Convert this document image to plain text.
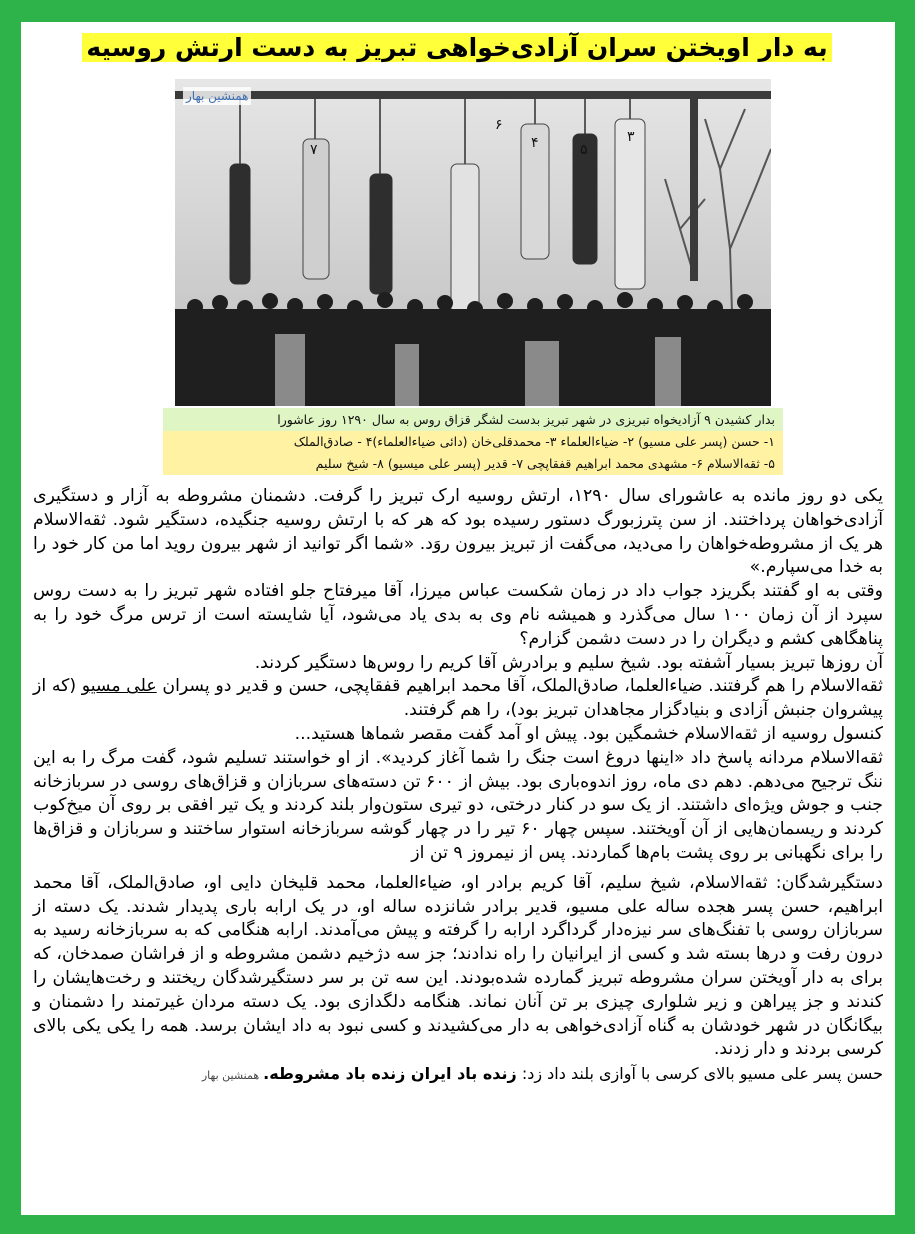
به دار اویختن سران آزادی‌خواهی تبریز به دست ارتش روسیه
۷
۶
۴	۵
۳
همنشین بهار
بدار کشیدن ۹ آزادیخواه تبریزی در شهر تبریز بدست لشگر قزاق روس به سال ۱۲۹۰ روز عاشورا
۱- حسن (پسر علی مسیو) ۲- ضیاءالعلماء ۳- محمدقلی‌خان (دائی ضیاءالعلماء)۴ - صادق‌الملک
۵- ثقه‌الاسلام ۶- مشهدی محمد ابراهیم قفقاپچی ۷- قدیر (پسر علی میسیو) ۸- شیخ سلیم

یکی دو روز مانده به عاشورای سال ۱۲۹۰، ارتش روسیه ارک تبریز را گرفت. دشمنان مشروطه به آزار و دستگیری آزادی‌خواهان پرداختند. از سن پترزبورگ دستور رسیده بود که هر که با ارتش روسیه جنگیده، دستگیر شود. ثقه‌الاسلام هر یک از مشروطه‌خواهان را می‌دید، می‌گفت از تبریز بیرون روَد. «شما اگر توانید از شهر بیرون روید اما من کار خود را به خدا می‌سپارم.»

وقتی به او گفتند بگریزد جواب داد در زمان شکست عباس میرزا، آقا میرفتاح جلو افتاده شهر تبریز را به دست روس سپرد از آن زمان ۱۰۰ سال می‌گذرد و همیشه نام وی به بدی یاد می‌شود، آیا شایسته است از ترس مرگ خود را به پناهگاهی کشم و دیگران را در دست دشمن گزارم؟

آن روزها تبریز بسیار آشفته بود. شیخ سلیم و برادرش آقا کریم را روس‌ها دستگیر کردند.

ثقه‌الاسلام را هم گرفتند. ضیاءالعلما، صادق‌الملک، آقا محمد ابراهیم قفقاپچی، حسن و قدیر دو پسران علی مسیو (که از پیشروان جنبش آزادی و بنیادگزار مجاهدان تبریز بود)، را هم گرفتند.

کنسول روسیه از ثقه‌الاسلام خشمگین بود. پیش او آمد گفت مقصر شماها هستید...

ثقه‌الاسلام مردانه پاسخ داد «اینها دروغ است جنگ را شما آغاز کردید». از او خواستند تسلیم شود، گفت مرگ را به این ننگ ترجیح می‌دهم. دهم دی ماه، روز اندوه‌باری بود. بیش از ۶۰۰ تن دسته‌های سربازان و قزاق‌های روسی در سربازخانه جنب و جوش ویژه‌ای داشتند. از یک سو در کنار درختی، دو تیری ستون‌وار بلند کردند و یک تیر افقی بر روی آن میخ‌کوب کردند و ریسمان‌هایی از آن آویختند. سپس چهار ۶۰ تیر را در چهار گوشه سربازخانه استوار ساختند و سربازان و قزاق‌ها را برای نگهبانی بر روی پشت بام‌ها گماردند. پس از نیمروز ۹ تن از

دستگیرشدگان: ثقه‌الاسلام، شیخ سلیم، آقا کریم برادر او، ضیاءالعلما، محمد قلیخان دایی او، صادق‌الملک، آقا محمد ابراهیم، حسن پسر هجده ساله علی مسیو، قدیر برادر شانزده ساله او، در یک ارابه باری پدیدار شدند. یک دسته از سربازان روسی با تفنگ‌های سر نیزه‌دار گرداگرد ارابه را گرفته و پیش می‌آمدند. ارابه هنگامی که به سربازخانه رسید به درون رفت و درها بسته شد و کسی از ایرانیان را راه ندادند؛ جز سه دژخیم دشمن مشروطه و از فراشان صمدخان، که برای به دار آویختن سران مشروطه تبریز گمارده شده‌بودند. این سه تن بر سر دستگیرشدگان ریختند و رخت‌هایشان را کندند و جز پیراهن و زیر شلواری چیزی بر تن آنان نماند. هنگامه دلگدازی بود. یک دسته مردان غیرتمند را دشمنان و بیگانگان در شهر خودشان به گناه آزادی‌خواهی به دار می‌کشیدند و کسی نبود به داد ایشان برسد. همه را یکی یکی بالای کرسی بردند و دار زدند.

حسن پسر علی مسیو بالای کرسی با آوازی بلند داد زد: زنده باد ایران زنده باد مشروطه.همنشین بهار
